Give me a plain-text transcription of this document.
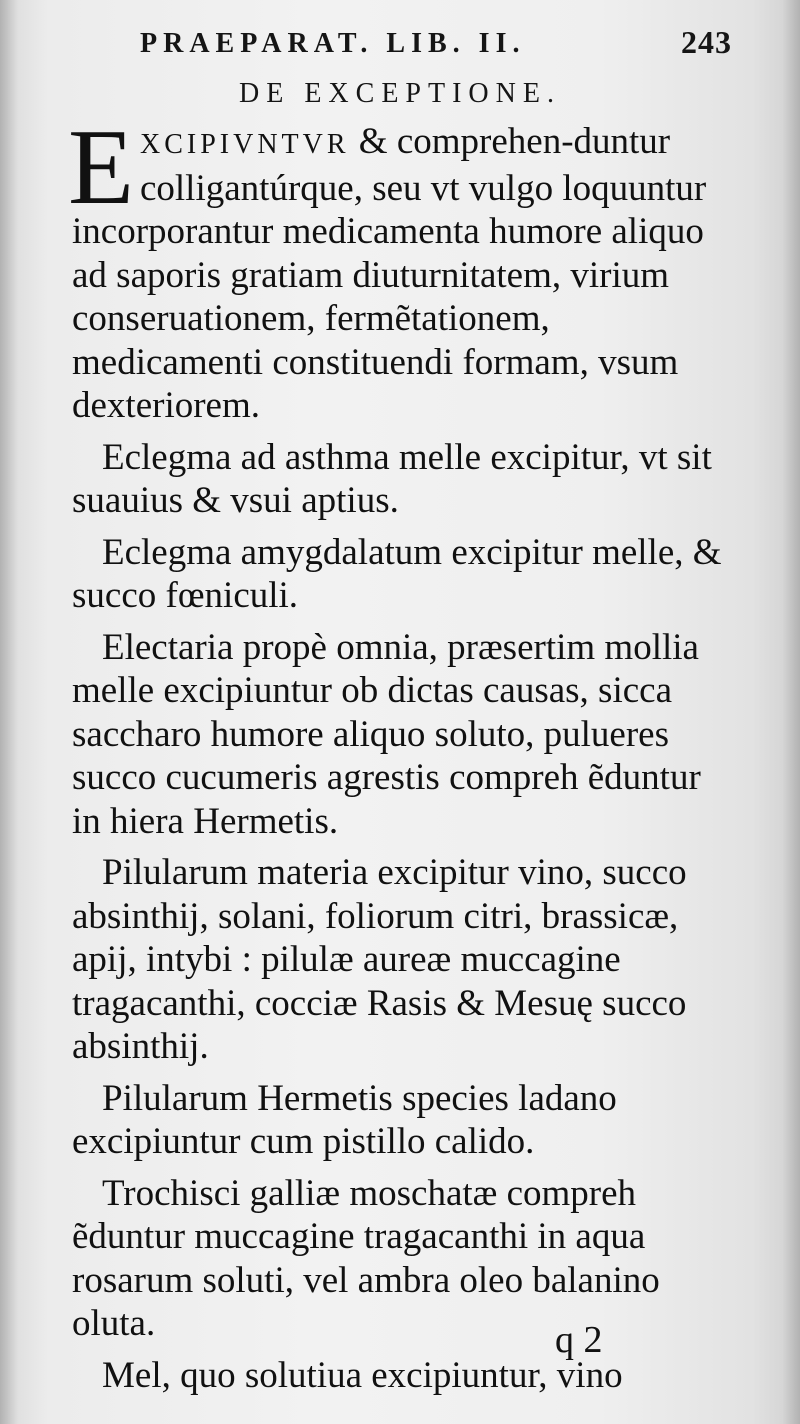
PRAEPARAT. LIB. II.	243
DE EXCEPTIONE.

E XCIPIVNTVR & comprehen-duntur colligantúrque, seu vt vulgo loquuntur incorporantur medicamenta humore aliquo ad saporis gratiam diuturnitatem, virium conseruationem, fermẽtationem, medicamenti constituendi formam, vsum dexteriorem.

Eclegma ad asthma melle excipitur, vt sit suauius & vsui aptius.

Eclegma amygdalatum excipitur melle, & succo fœniculi.

Electaria propè omnia, præsertim mollia melle excipiuntur ob dictas causas, sicca saccharo humore aliquo soluto, pulueres succo cucumeris agrestis compreh ẽduntur in hiera Hermetis.

Pilularum materia excipitur vino, succo absinthij, solani, foliorum citri, brassicæ, apij, intybi : pilulæ aureæ muccagine tragacanthi, cocciæ Rasis & Mesuę succo absinthij.

Pilularum Hermetis species ladano excipiuntur cum pistillo calido.

Trochisci galliæ moschatæ compreh ẽduntur muccagine tragacanthi in aqua rosarum soluti, vel ambra oleo balanino oluta.

Mel, quo solutiua excipiuntur, vino

q 2
